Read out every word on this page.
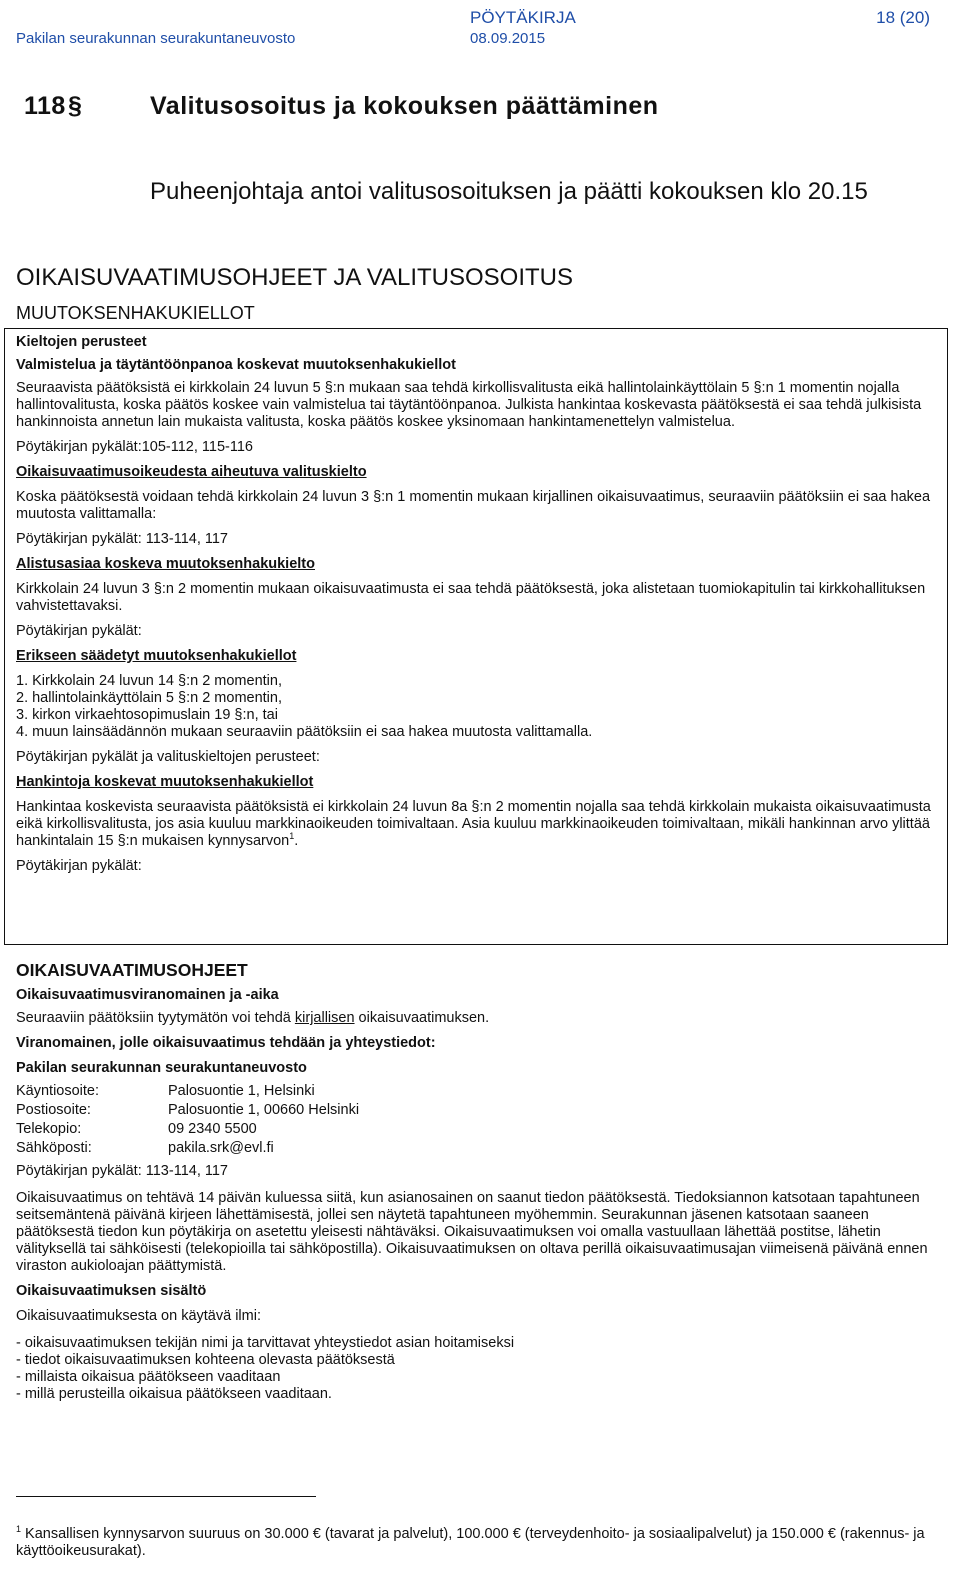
PÖYTÄKIRJA	18 (20)
Pakilan seurakunnan seurakuntaneuvosto	08.09.2015
118§	Valitusosoitus ja kokouksen päättäminen
Puheenjohtaja antoi valitusosoituksen ja päätti kokouksen klo 20.15
OIKAISUVAATIMUSOHJEET JA VALITUSOSOITUS
MUUTOKSENHAKUKIELLOT

Kieltojen perusteet

Valmistelua ja täytäntöönpanoa koskevat muutoksenhakukiellot

Seuraavista päätöksistä ei kirkkolain 24 luvun 5 §:n mukaan saa tehdä kirkollisvalitusta eikä hallintolainkäyttölain 5 §:n 1 momentin nojalla hallintovalitusta, koska päätös koskee vain valmistelua tai täytäntöönpanoa. Julkista hankintaa koskevasta päätöksestä ei saa tehdä julkisista hankinnoista annetun lain mukaista valitusta, koska päätös koskee yksinomaan hankintamenettelyn valmistelua.

Pöytäkirjan pykälät:105-112, 115-116

Oikaisuvaatimusoikeudesta aiheutuva valituskielto

Koska päätöksestä voidaan tehdä kirkkolain 24 luvun 3 §:n 1 momentin mukaan kirjallinen oikaisuvaatimus, seuraaviin päätöksiin ei saa hakea muutosta valittamalla:

Pöytäkirjan pykälät: 113-114, 117

Alistusasiaa koskeva muutoksenhakukielto

Kirkkolain 24 luvun 3 §:n 2 momentin mukaan oikaisuvaatimusta ei saa tehdä päätöksestä, joka alistetaan tuomiokapitulin tai kirkkohallituksen vahvistettavaksi.

Pöytäkirjan pykälät:

Erikseen säädetyt muutoksenhakukiellot

1. Kirkkolain 24 luvun 14 §:n 2 momentin,

2. hallintolainkäyttölain 5 §:n 2 momentin,

3. kirkon virkaehtosopimuslain 19 §:n, tai

4. muun lainsäädännön mukaan seuraaviin päätöksiin ei saa hakea muutosta valittamalla.

Pöytäkirjan pykälät ja valituskieltojen perusteet:

Hankintoja koskevat muutoksenhakukiellot

Hankintaa koskevista seuraavista päätöksistä ei kirkkolain 24 luvun 8a §:n 2 momentin nojalla saa tehdä kirkkolain mukaista oikaisuvaatimusta eikä kirkollisvalitusta, jos asia kuuluu markkinaoikeuden toimivaltaan. Asia kuuluu markkinaoikeuden toimivaltaan, mikäli hankinnan arvo ylittää hankintalain 15 §:n mukaisen kynnysarvon$^1$.

Pöytäkirjan pykälät:

OIKAISUVAATIMUSOHJEET

Oikaisuvaatimusviranomainen ja -aika

Seuraaviin päätöksiin tyytymätön voi tehdä kirjallisen oikaisuvaatimuksen.

Viranomainen, jolle oikaisuvaatimus tehdään ja yhteystiedot:

Pakilan seurakunnan seurakuntaneuvosto

Käyntiosoite:	Palosuontie 1, Helsinki
Postiosoite:	Palosuontie 1, 00660 Helsinki
Telekopio:	09 2340 5500
Sähköposti:	pakila.srk@evl.fi

Pöytäkirjan pykälät: 113-114, 117

Oikaisuvaatimus on tehtävä 14 päivän kuluessa siitä, kun asianosainen on saanut tiedon päätöksestä. Tiedoksiannon katsotaan tapahtuneen seitsemäntenä päivänä kirjeen lähettämisestä, jollei sen näytetä tapahtuneen myöhemmin. Seurakunnan jäsenen katsotaan saaneen päätöksestä tiedon kun pöytäkirja on asetettu yleisesti nähtäväksi. Oikaisuvaatimuksen voi omalla vastuullaan lähettää postitse, lähetin välityksellä tai sähköisesti (telekopioilla tai sähköpostilla). Oikaisuvaatimuksen on oltava perillä oikaisuvaatimusajan viimeisenä päivänä ennen viraston aukioloajan päättymistä.

Oikaisuvaatimuksen sisältö

Oikaisuvaatimuksesta on käytävä ilmi:

- oikaisuvaatimuksen tekijän nimi ja tarvittavat yhteystiedot asian hoitamiseksi
- tiedot oikaisuvaatimuksen kohteena olevasta päätöksestä
- millaista oikaisua päätökseen vaaditaan
- millä perusteilla oikaisua päätökseen vaaditaan.
$^1$ Kansallisen kynnysarvon suuruus on 30.000 € (tavarat ja palvelut), 100.000 € (terveydenhoito- ja sosiaalipalvelut) ja 150.000 € (rakennus- ja käyttöoikeusurakat).
